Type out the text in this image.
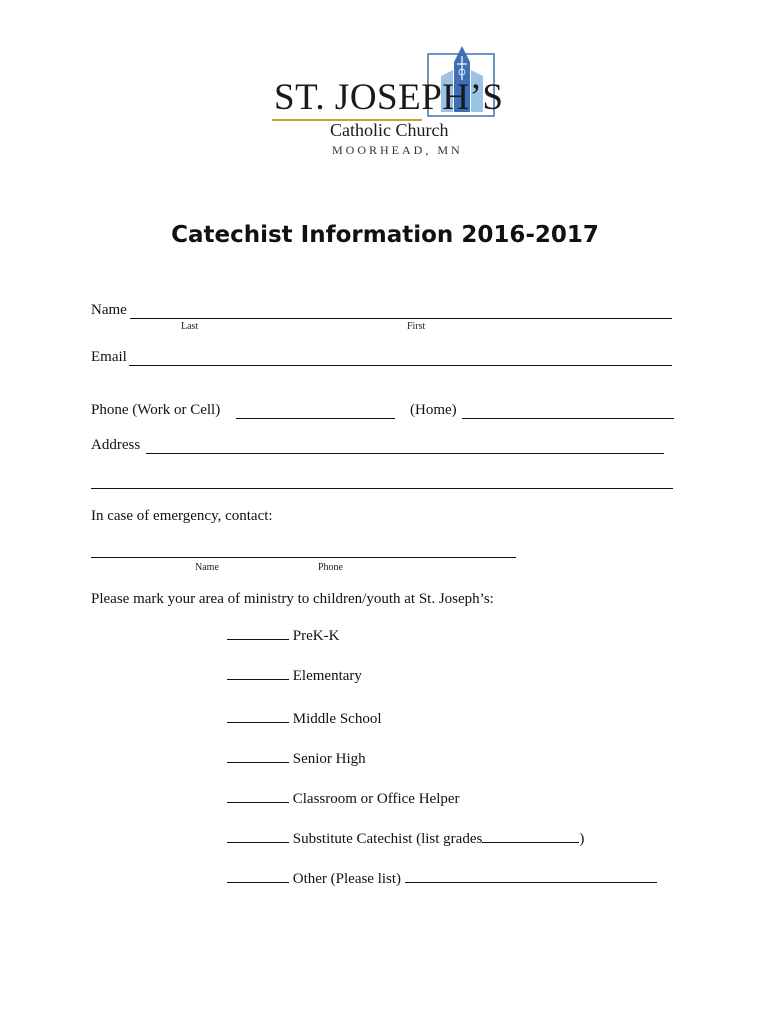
ST. JOSEPH’S
Catholic Church
MOORHEAD, MN
Catechist Information 2016-2017
Name
Last	First
Email
Phone (Work or Cell)	(Home)
Address
In case of emergency, contact:
Name	Phone
Please mark your area of ministry to children/youth at St. Joseph’s:
PreK-K
Elementary
Middle School
Senior High
Classroom or Office Helper
Substitute Catechist (list grades	)
Other (Please list)
